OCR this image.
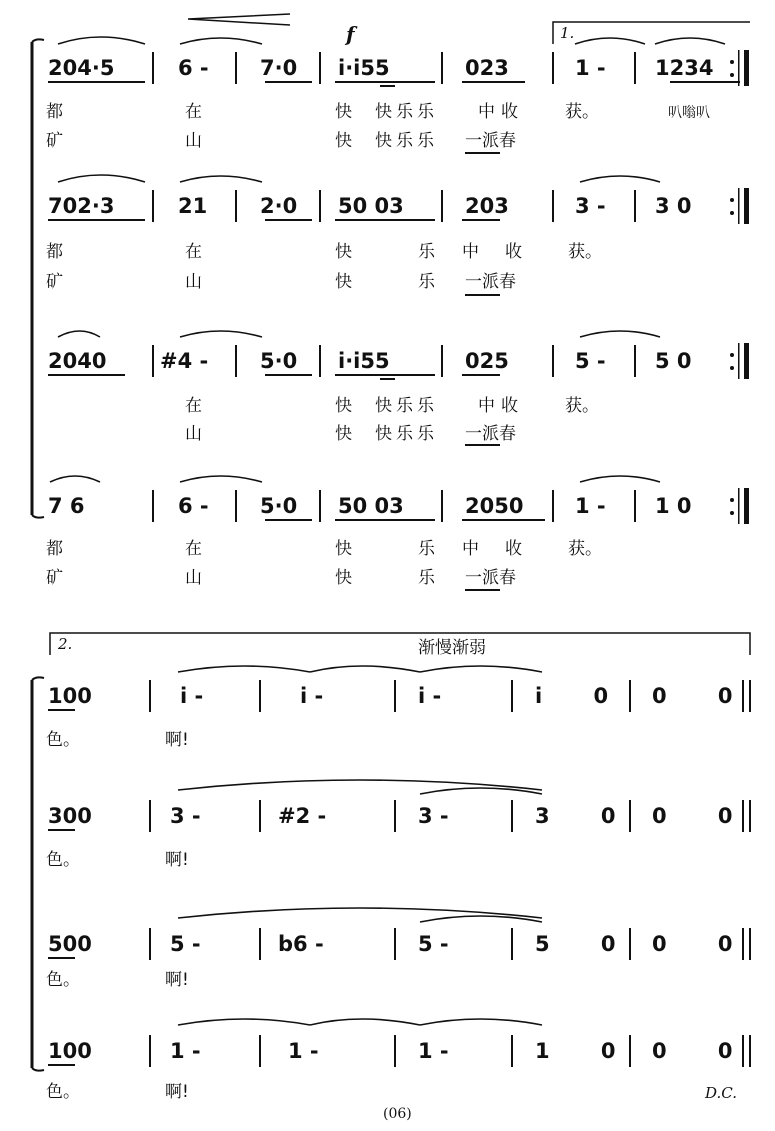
f	1.
204·5	6 - 7·0 i·i55	023	1 - 1234
都	在	快 快乐乐 中收 获。	叭嗡叭
矿	山	快 快乐乐 一派春
702·3	21	2·0 50 03	203	3 - 3 0
都	在	快	乐 中 收	获。
矿	山	快	乐 一派春
2040	#4 - 5·0 i·i55	025	5 - 5 0
在	快 快乐乐 中收 获。
山	快 快乐乐 一派春
7 6	6 - 5·0 50 03	2050 1 - 1 0
都	在	快	乐 中 收	获。
矿	山	快	乐 一派春
2.	渐慢渐弱
100	i -	i -	i -	i 0 0 0
色。	啊!
300	3 -	#2 -	3 -	3 0 0 0
色。	啊!
500	5 -	b6 -	5 -	5 0 0 0
色。	啊!
100	1 -	1 -	1 -	1 0 0 0
色。	啊!	D.C.
(06)
